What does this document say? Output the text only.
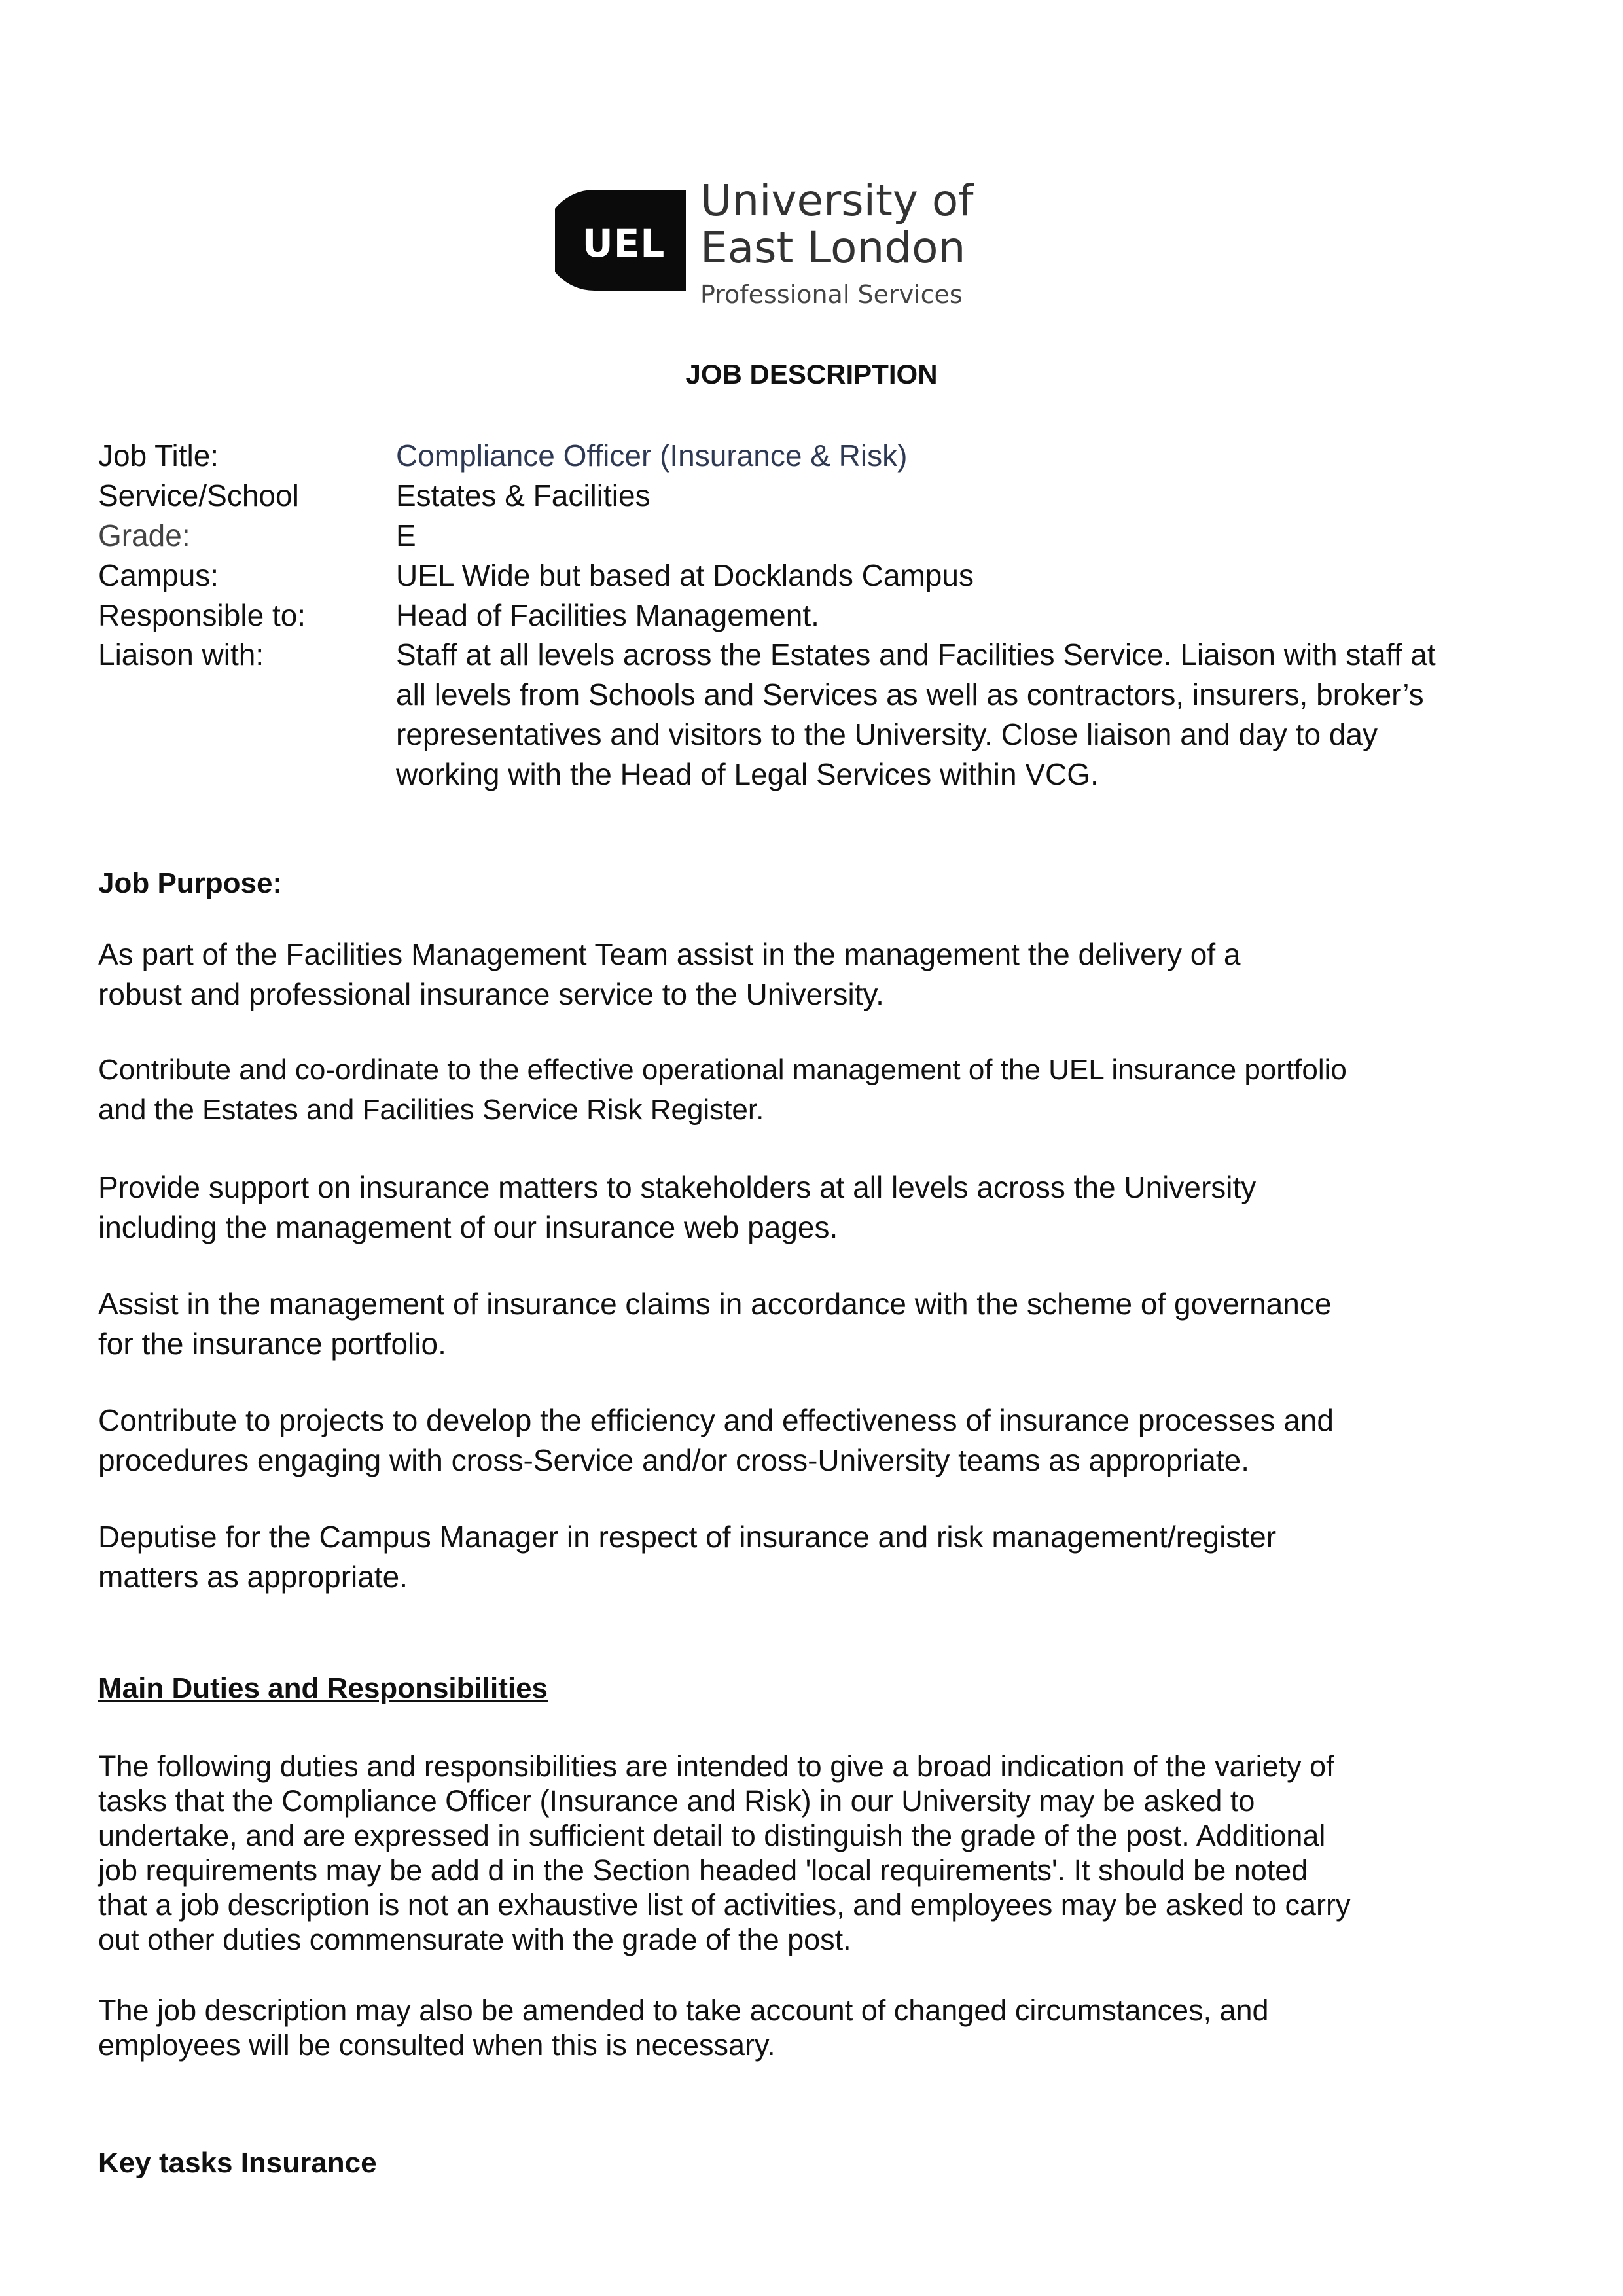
UEL
University of
East London
Professional Services
JOB DESCRIPTION
Job Title:	Compliance Officer (Insurance & Risk)
Service/School	Estates & Facilities
Grade:	E
Campus:	UEL Wide but based at Docklands Campus
Responsible to:	Head of Facilities Management.
Liaison with:	Staff at all levels across the Estates and Facilities Service. Liaison with staff at
all levels from Schools and Services as well as contractors, insurers, broker’s
representatives and visitors to the University. Close liaison and day to day
working with the Head of Legal Services within VCG.
Job Purpose:
As part of the Facilities Management Team assist in the management the delivery of a
robust and professional insurance service to the University.
Contribute and co-ordinate to the effective operational management of the UEL insurance portfolio
and the Estates and Facilities Service Risk Register.
Provide support on insurance matters to stakeholders at all levels across the University
including the management of our insurance web pages.
Assist in the management of insurance claims in accordance with the scheme of governance
for the insurance portfolio.
Contribute to projects to develop the efficiency and effectiveness of insurance processes and
procedures engaging with cross-Service and/or cross-University teams as appropriate.
Deputise for the Campus Manager in respect of insurance and risk management/register
matters as appropriate.
Main Duties and Responsibilities
The following duties and responsibilities are intended to give a broad indication of the variety of
tasks that the Compliance Officer (Insurance and Risk) in our University may be asked to
undertake, and are expressed in sufficient detail to distinguish the grade of the post. Additional
job requirements may be add d in the Section headed 'local requirements'. It should be noted
that a job description is not an exhaustive list of activities, and employees may be asked to carry
out other duties commensurate with the grade of the post.
The job description may also be amended to take account of changed circumstances, and
employees will be consulted when this is necessary.
Key tasks Insurance
